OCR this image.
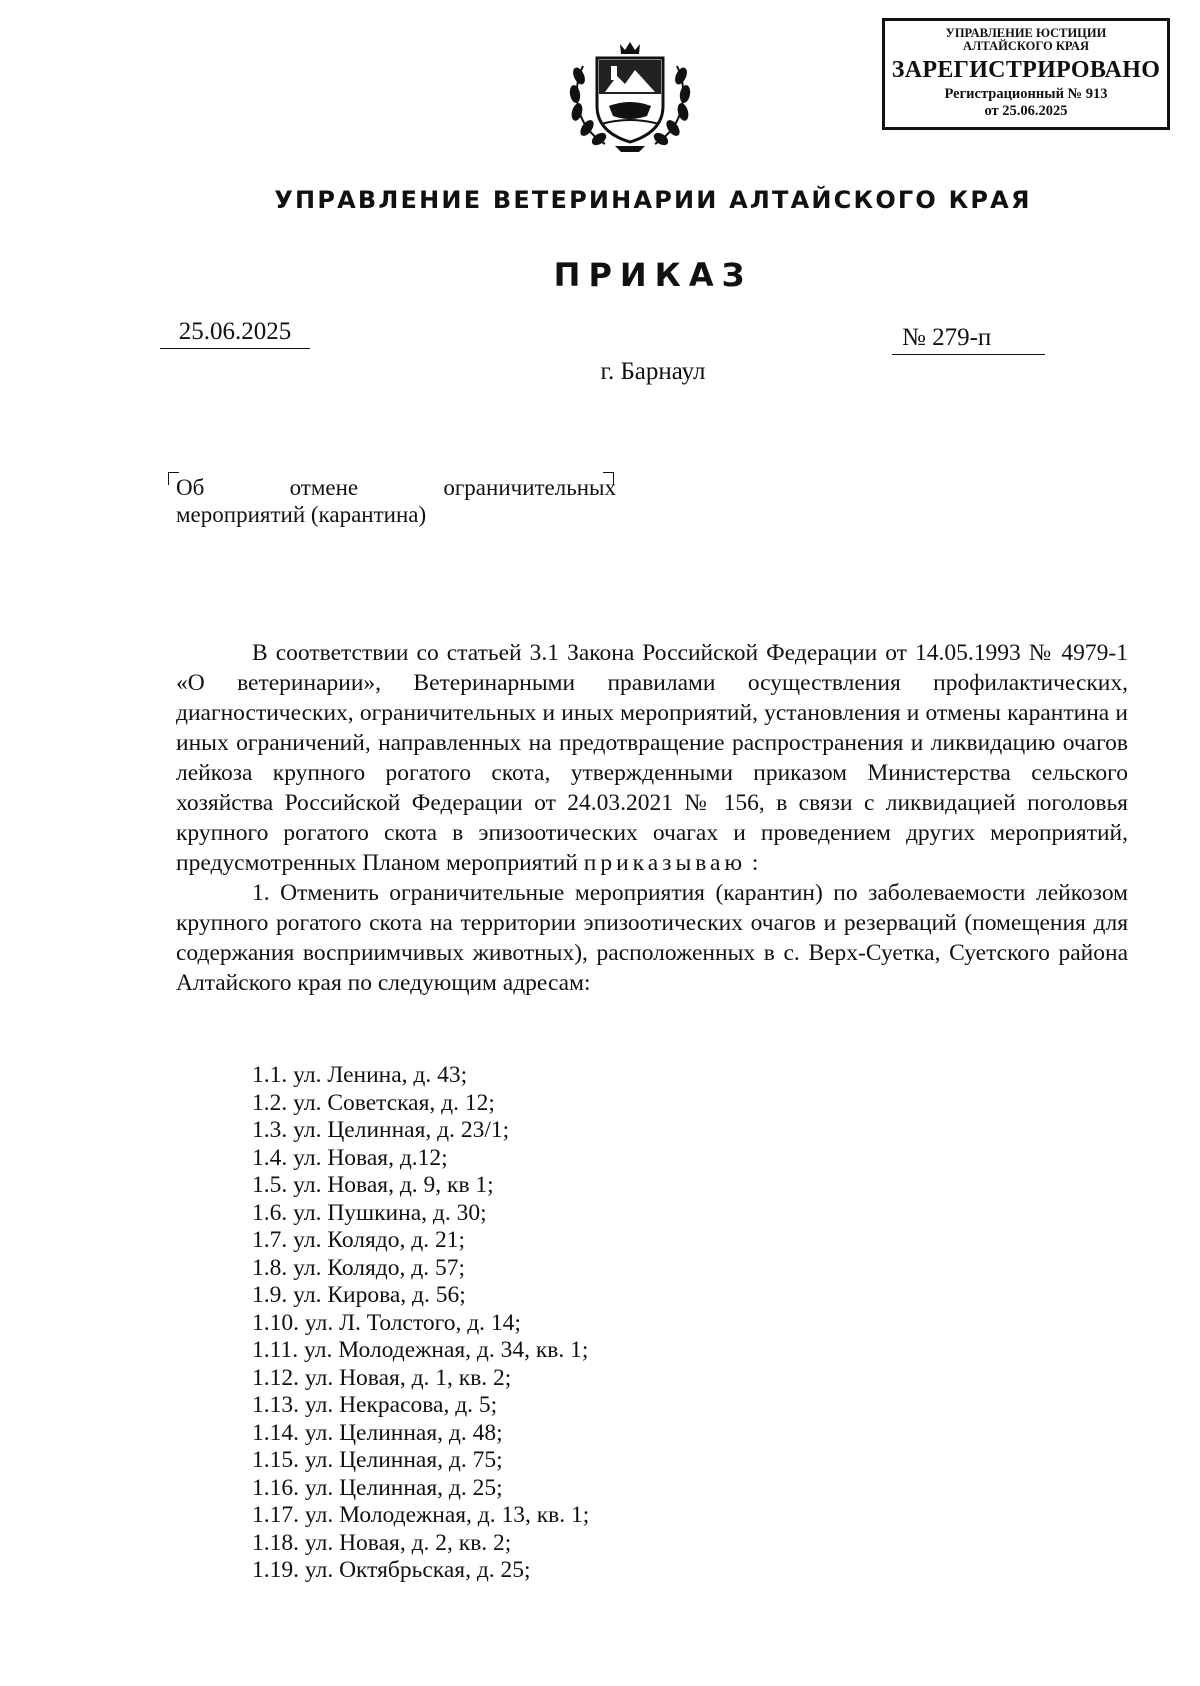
УПРАВЛЕНИЕ ЮСТИЦИИ
АЛТАЙСКОГО КРАЯ
ЗАРЕГИСТРИРОВАНО
Регистрационный № 913
от 25.06.2025
УПРАВЛЕНИЕ ВЕТЕРИНАРИИ АЛТАЙСКОГО КРАЯ
ПРИКАЗ
25.06.2025	№ 279-п
г. Барнаул
Об	отмене	ограничительных
мероприятий (карантина)

В соответствии со статьей 3.1 Закона Российской Федерации от 14.05.1993 № 4979-1 «О ветеринарии», Ветеринарными правилами осуществления профилактических, диагностических, ограничительных и иных мероприятий, установления и отмены карантина и иных ограничений, направленных на предотвращение распространения и ликвидацию очагов лейкоза крупного рогатого скота, утвержденными приказом Министерства сельского хозяйства Российской Федерации от 24.03.2021 № 156, в связи с ликвидацией поголовья крупного рогатого скота в эпизоотических очагах и проведением других мероприятий, предусмотренных Планом мероприятий приказываю :

1. Отменить ограничительные мероприятия (карантин) по заболеваемости лейкозом крупного рогатого скота на территории эпизоотических очагов и резерваций (помещения для содержания восприимчивых животных), расположенных в с. Верх-Суетка, Суетского района Алтайского края по следующим адресам:

1.1. ул. Ленина, д. 43;
1.2. ул. Советская, д. 12;
1.3. ул. Целинная, д. 23/1;
1.4. ул. Новая, д.12;
1.5. ул. Новая, д. 9, кв 1;
1.6. ул. Пушкина, д. 30;
1.7. ул. Колядо, д. 21;
1.8. ул. Колядо, д. 57;
1.9. ул. Кирова, д. 56;
1.10. ул. Л. Толстого, д. 14;
1.11. ул. Молодежная, д. 34, кв. 1;
1.12. ул. Новая, д. 1, кв. 2;
1.13. ул. Некрасова, д. 5;
1.14. ул. Целинная, д. 48;
1.15. ул. Целинная, д. 75;
1.16. ул. Целинная, д. 25;
1.17. ул. Молодежная, д. 13, кв. 1;
1.18. ул. Новая, д. 2, кв. 2;
1.19. ул. Октябрьская, д. 25;
